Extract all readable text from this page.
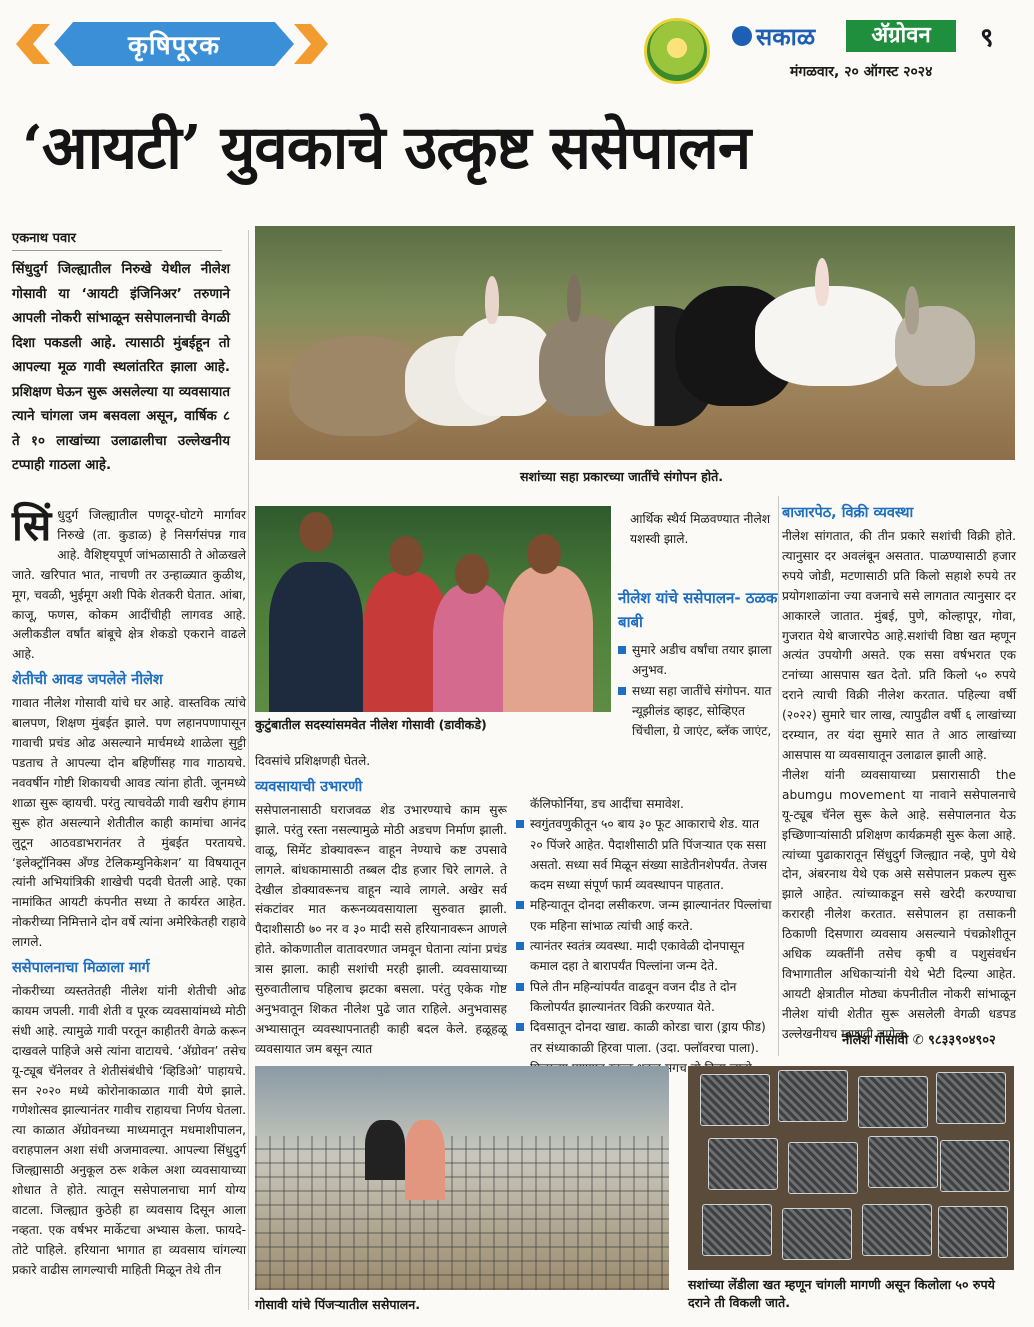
कृषिपूरक	सकाळ	अ‍ॅग्रोवन	९
मंगळवार, २० ऑगस्ट २०२४
‘आयटी’ युवकाचे उत्कृष्ट ससेपालन
एकनाथ पवार
सिंधुदुर्ग जिल्ह्यातील निरुखे येथील नीलेश गोसावी या ‘आयटी इंजिनिअर’ तरुणाने आपली नोकरी सांभाळून ससेपालनाची वेगळी दिशा पकडली आहे. त्यासाठी मुंबईहून तो आपल्या मूळ गावी स्थलांतरित झाला आहे. प्रशिक्षण घेऊन सुरू असलेल्या या व्यवसायात त्याने चांगला जम बसवला असून, वार्षिक ८ ते १० लाखांच्या उलाढालीचा उल्लेखनीय टप्पाही गाठला आहे.
सशांच्या सहा प्रकारच्या जातींचे संगोपन होते.

सिंधुदुर्ग जिल्ह्यातील पणदूर-घोटगे मार्गावर निरुखे (ता. कुडाळ) हे निसर्गसंपन्न गाव आहे. वैशिष्ट्यपूर्ण जांभळासाठी ते ओळखले जाते. खरिपात भात, नाचणी तर उन्हाळ्यात कुळीथ, मूग, चवळी, भुईमूग अशी पिके शेतकरी घेतात. आंबा, काजू, फणस, कोकम आदींचीही लागवड आहे. अलीकडील वर्षांत बांबूचे क्षेत्र शेकडो एकराने वाढले आहे.

शेतीची आवड जपलेले नीलेश

गावात नीलेश गोसावी यांचे घर आहे. वास्तविक त्यांचे बालपण, शिक्षण मुंबईत झाले. पण लहानपणापासून गावाची प्रचंड ओढ असल्याने मार्चमध्ये शाळेला सुट्टी पडताच ते आपल्या दोन बहिणींसह गाव गाठायचे. नववर्षीन गोष्टी शिकायची आवड त्यांना होती. जूनमध्ये शाळा सुरू व्हायची. परंतु त्याचवेळी गावी खरीप हंगाम सुरू होत असल्याने शेतीतील काही कामांचा आनंद लुटून आठवडाभरानंतर ते मुंबईत परतायचे. ‘इलेक्ट्रॉनिक्स अँण्ड टेलिकम्युनिकेशन’ या विषयातून त्यांनी अभियांत्रिकी शाखेची पदवी घेतली आहे. एका नामांकित आयटी कंपनीत सध्या ते कार्यरत आहेत. नोकरीच्या निमित्ताने दोन वर्षे त्यांना अमेरिकेतही राहावे लागले.

ससेपालनाचा मिळाला मार्ग

नोकरीच्या व्यस्ततेतही नीलेश यांनी शेतीची ओढ कायम जपली. गावी शेती व पूरक व्यवसायांमध्ये मोठी संधी आहे. त्यामुळे गावी परतून काहीतरी वेगळे करून दाखवले पाहिजे असे त्यांना वाटायचे. ‘अ‍ॅग्रोवन’ तसेच यू-ट्यूब चॅनेलवर ते शेतीसंबंधीचे ‘व्हिडिओ’ पाहायचे. सन २०२० मध्ये कोरोनाकाळात गावी येणे झाले. गणेशोत्सव झाल्यानंतर गावीच राहायचा निर्णय घेतला. त्या काळात अ‍ॅग्रोवनच्या माध्यमातून मधमाशीपालन, वराहपालन अशा संधी अजमावल्या. आपल्या सिंधुदुर्ग जिल्ह्यासाठी अनुकूल ठरू शकेल अशा व्यवसायाच्या शोधात ते होते. त्यातून ससेपालनाचा मार्ग योग्य वाटला. जिल्ह्यात कुठेही हा व्यवसाय दिसून आला नव्हता. एक वर्षभर मार्केटचा अभ्यास केला. फायदे-तोटे पाहिले. हरियाना भागात हा व्यवसाय चांगल्या प्रकारे वाढीस लागल्याची माहिती मिळून तेथे तीन

कुटुंबातील सदस्यांसमवेत नीलेश गोसावी (डावीकडे)

दिवसांचे प्रशिक्षणही घेतले.

व्यवसायाची उभारणी

ससेपालनासाठी घराजवळ शेड उभारण्याचे काम सुरू झाले. परंतु रस्ता नसल्यामुळे मोठी अडचण निर्माण झाली. वाळू, सिमेंट डोक्यावरून वाहून नेण्याचे कष्ट उपसावे लागले. बांधकामासाठी तब्बल दीड हजार चिरे लागले. ते देखील डोक्यावरूनच वाहून न्यावे लागले. अखेर सर्व संकटांवर मात करूनव्यवसायाला सुरुवात झाली. पैदाशीसाठी ७० नर व ३० मादी ससे हरियानावरून आणले होते. कोकणातील वातावरणात जमवून घेताना त्यांना प्रचंड त्रास झाला. काही सशांची मरही झाली. व्यवसायाच्या सुरुवातीलाच पहिलाच झटका बसला. परंतु एकेक गोष्ट अनुभवातून शिकत नीलेश पुढे जात राहिले. अनुभवासह अभ्यासातून व्यवस्थापनातही काही बदल केले. हळूहळू व्यवसायात जम बसून त्यात

आर्थिक स्थैर्य मिळवण्यात नीलेश यशस्वी झाले.
नीलेश यांचे ससेपालन- ठळक बाबी
सुमारे अडीच वर्षांचा तयार झाला अनुभव.
सध्या सहा जातींचे संगोपन. यात न्यूझीलंड व्हाइट, सोव्हिएत चिंचीला, ग्रे जाएंट, ब्लॅक जाएंट,
कॅलिफोर्निया, डच आदींचा समावेश.
स्वगुंतवणुकीतून ५० बाय ३० फूट आकाराचे शेड. यात २० पिंजरे आहेत. पैदाशीसाठी प्रति पिंजऱ्यात एक ससा असतो. सध्या सर्व मिळून संख्या साडेतीनशेपर्यंत. तेजस कदम सध्या संपूर्ण फार्म व्यवस्थापन पाहतात.
महिन्यातून दोनदा लसीकरण. जन्म झाल्यानंतर पिल्लांचा एक महिना सांभाळ त्यांची आई करते.
त्यानंतर स्वतंत्र व्यवस्था. मादी एकावेळी दोनपासून कमाल दहा ते बारापर्यंत पिल्लांना जन्म देते.
पिले तीन महिन्यांपर्यंत वाढवून वजन दीड ते दोन किलोपर्यंत झाल्यानंतर विक्री करण्यात येते.
दिवसातून दोनदा खाद्य. काळी कोरडा चारा (ड्राय फीड) तर संध्याकाळी हिरवा पाला. (उदा. फ्लॉवरचा पाला). मगच
बाजारपेठ, विक्री व्यवस्था

नीलेश सांगतात, की तीन प्रकारे सशांची विक्री होते. त्यानुसार दर अवलंबून असतात. पाळण्यासाठी हजार रुपये जोडी, मटणासाठी प्रति किलो सहाशे रुपये तर प्रयोगशाळांना ज्या वजनाचे ससे लागतात त्यानुसार दर आकारले जातात. मुंबई, पुणे, कोल्हापूर, गोवा, गुजरात येथे बाजारपेठ आहे.सशांची विष्ठा खत म्हणून अत्यंत उपयोगी असते. एक ससा वर्षभरात एक टनांच्या आसपास खत देतो. प्रति किलो ५० रुपये दराने त्याची विक्री नीलेश करतात. पहिल्या वर्षी (२०२२) सुमारे चार लाख, त्यापुढील वर्षी ६ लाखांच्या दरम्यान, तर यंदा सुमारे सात ते आठ लाखांच्या आसपास या व्यवसायातून उलाढाल झाली आहे.

नीलेश यांनी व्यवसायाच्या प्रसारासाठी the abumgu movement या नावाने ससेपालनाचे यू-ट्यूब चॅनेल सुरू केले आहे. ससेपालनात येऊ इच्छिणाऱ्यांसाठी प्रशिक्षण कार्यक्रमही सुरू केला आहे. त्यांच्या पुढाकारातून सिंधुदुर्ग जिल्ह्यात नव्हे, पुणे येथे दोन, अंबरनाथ येथे एक असे ससेपालन प्रकल्प सुरू झाले आहेत. त्यांच्याकडून ससे खरेदी करण्याचा करारही नीलेश करतात. ससेपालन हा तसाकनी ठिकाणी दिसणारा व्यवसाय असल्याने पंचक्रोशीतून अधिक व्यक्तींनी तसेच कृषी व पशुसंवर्धन विभागातील अधिकाऱ्यांनी येथे भेटी दिल्या आहेत. आयटी क्षेत्रातील मोठ्या कंपनीतील नोकरी सांभाळून नीलेश यांची शेतीत सुरू असलेली वेगळी धडपड उल्लेखनीयच म्हणावी लागेल.

नीलेश गोसावी ✆ ९८३३९०४९०२
गोसावी यांचे पिंजऱ्यातील ससेपालन.
सशांच्या लेंडीला खत म्हणून चांगली मागणी असून किलोला ५० रुपये दराने ती विकली जाते.
